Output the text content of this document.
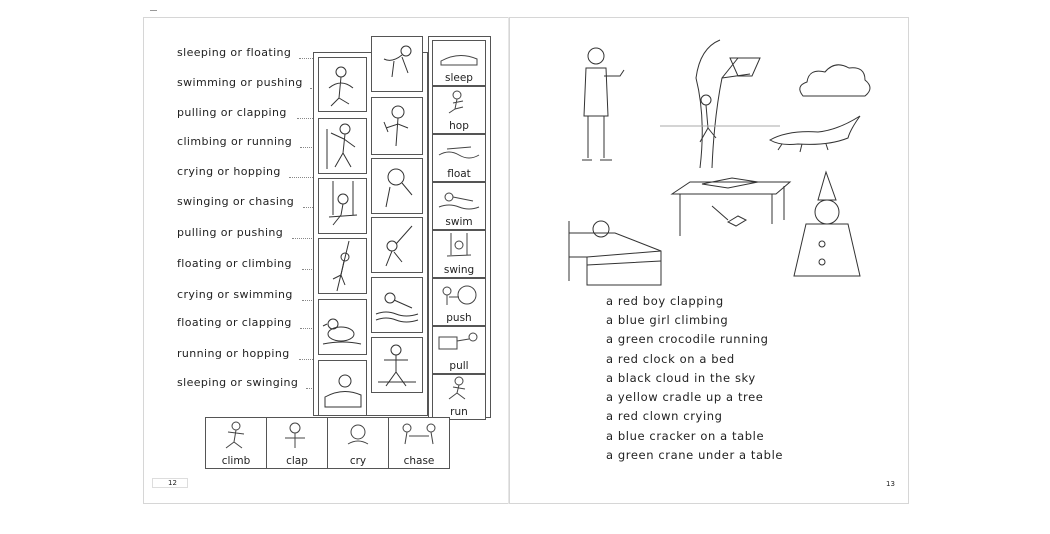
sleeping or floating
swimming or pushing
pulling or clapping
climbing or running
crying or hopping
swinging or chasing
pulling or pushing
floating or climbing
crying or swimming
floating or clapping
running or hopping
sleeping or swinging
sleep
hop
float
swim
swing
push
pull
run
climb	clap	cry	chase
12
a red boy clapping
a blue girl climbing
a green crocodile running
a red clock on a bed
a black cloud in the sky
a yellow cradle up a tree
a red clown crying
a blue cracker on a table
a green crane under a table
13
